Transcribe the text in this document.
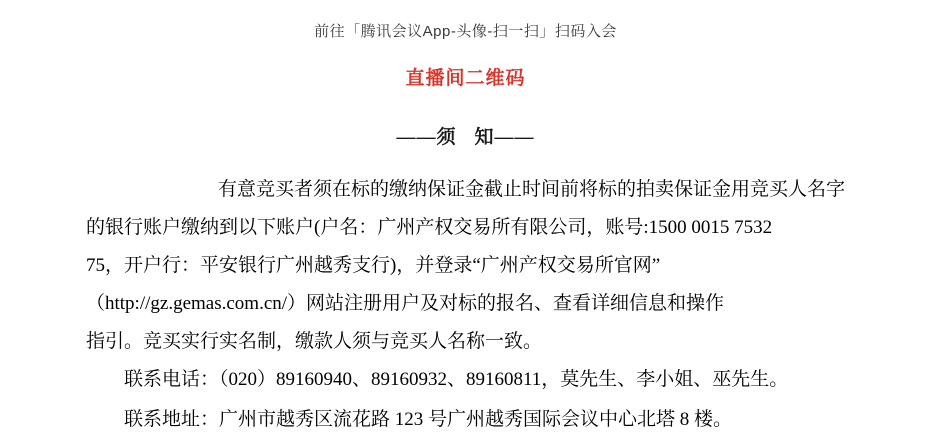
前往「腾讯会议App-头像-扫一扫」扫码入会
直播间二维码
——须 知——
有意竞买者须在标的缴纳保证金截止时间前将标的拍卖保证金用竞买人名字
的银行账户缴纳到以下账户(户名：广州产权交易所有限公司，账号:1500 0015 7532
75，开户行：平安银行广州越秀支行)，并登录“广州产权交易所官网”
（http://gz.gemas.com.cn/）网站注册用户及对标的报名、查看详细信息和操作
指引。竞买实行实名制，缴款人须与竞买人名称一致。

联系电话：（020）89160940、89160932、89160811，莫先生、李小姐、巫先生。

联系地址：广州市越秀区流花路 123 号广州越秀国际会议中心北塔 8 楼。
